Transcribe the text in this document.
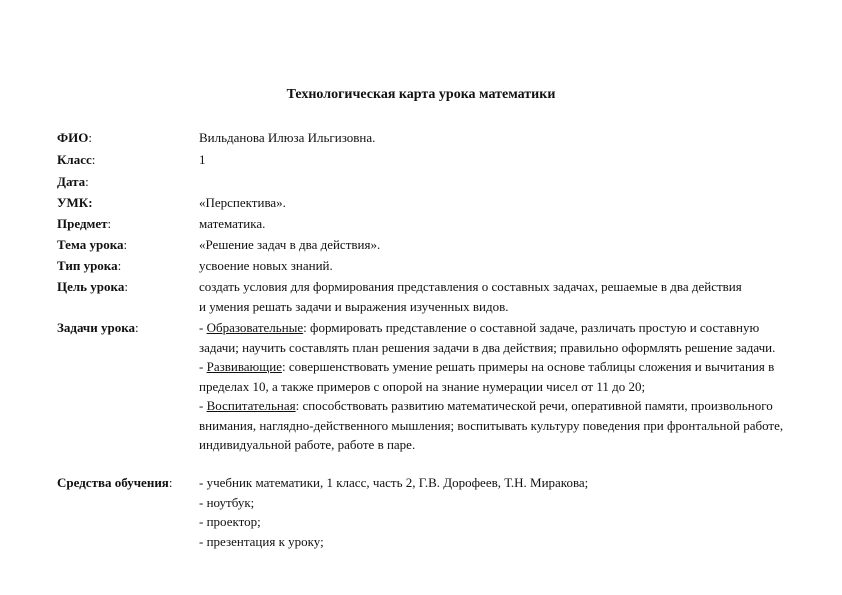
Технологическая карта урока математики
ФИО:	Вильданова Илюза Ильгизовна.
Класс:	1
Дата:
УМК:	«Перспектива».
Предмет:	математика.
Тема урока:	«Решение задач в два действия».
Тип урока:	усвоение новых знаний.
Цель урока:	создать условия для формирования представления о составных задачах, решаемые в два действия
и умения решать задачи и выражения изученных видов.
Задачи урока:	- Образовательные: формировать представление о составной задаче, различать простую и составную задачи; научить составлять план решения задачи в два действия; правильно оформлять решение задачи.
- Развивающие: совершенствовать умение решать примеры на основе таблицы сложения и вычитания в пределах 10, а также примеров с опорой на знание нумерации чисел от 11 до 20;
- Воспитательная: способствовать развитию математической речи, оперативной памяти, произвольного внимания, наглядно-действенного мышления; воспитывать культуру поведения при фронтальной работе, индивидуальной работе, работе в паре.
Средства обучения: - учебник математики, 1 класс, часть 2, Г.В. Дорофеев, Т.Н. Миракова;
- ноутбук;
- проектор;
- презентация к уроку;
